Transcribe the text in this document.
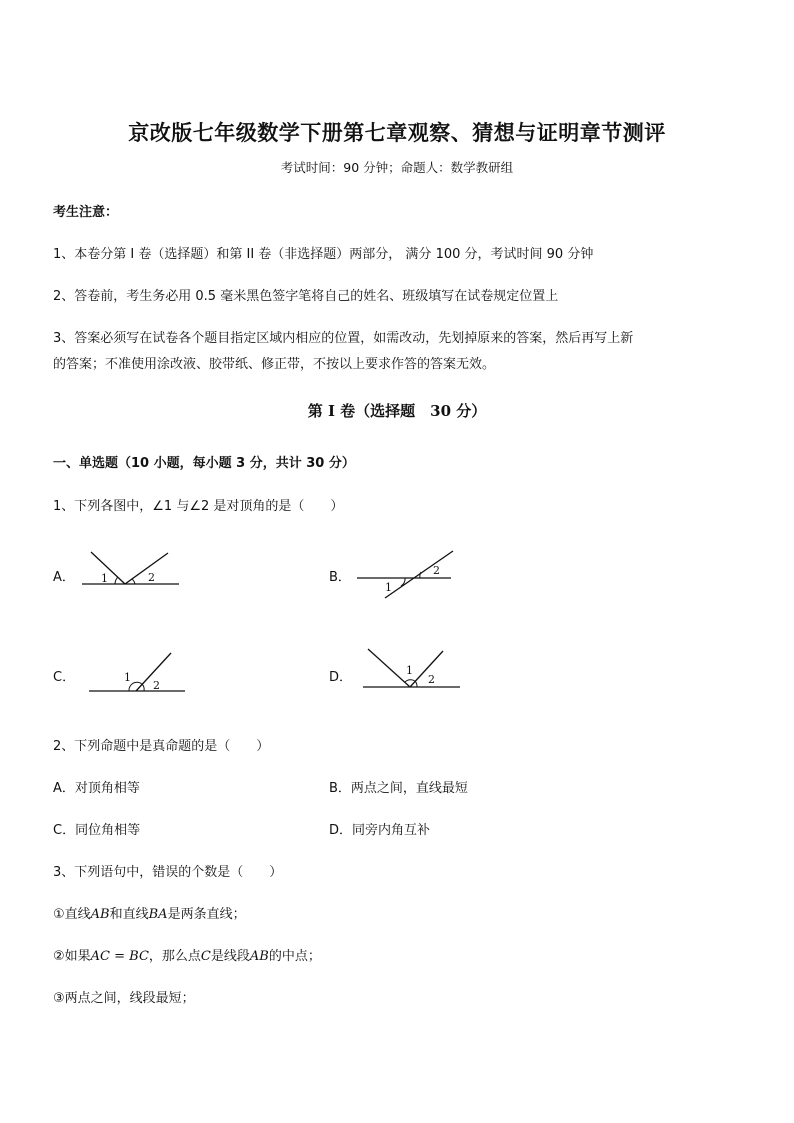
京改版七年级数学下册第七章观察、猜想与证明章节测评
考试时间：90 分钟；命题人：数学教研组
考生注意：
1、本卷分第 I 卷（选择题）和第 II 卷（非选择题）两部分， 满分 100 分，考试时间 90 分钟
2、答卷前，考生务必用 0.5 毫米黑色签字笔将自己的姓名、班级填写在试卷规定位置上
3、答案必须写在试卷各个题目指定区域内相应的位置，如需改动，先划掉原来的答案，然后再写上新
的答案；不准使用涂改液、胶带纸、修正带，不按以上要求作答的答案无效。
第 I 卷（选择题　30 分）
一、单选题（10 小题，每小题 3 分，共计 30 分）
1、下列各图中，∠1 与∠2 是对顶角的是（　　）
A． 1	2	B．	2
1
C．	1
2
D．	1
2
2、下列命题中是真命题的是（　　）
A．对顶角相等	B．两点之间，直线最短
C．同位角相等	D．同旁内角互补
3、下列语句中，错误的个数是（　　）
①直线AB和直线BA是两条直线；
②如果AC = BC，那么点C是线段AB的中点；
③两点之间，线段最短；
